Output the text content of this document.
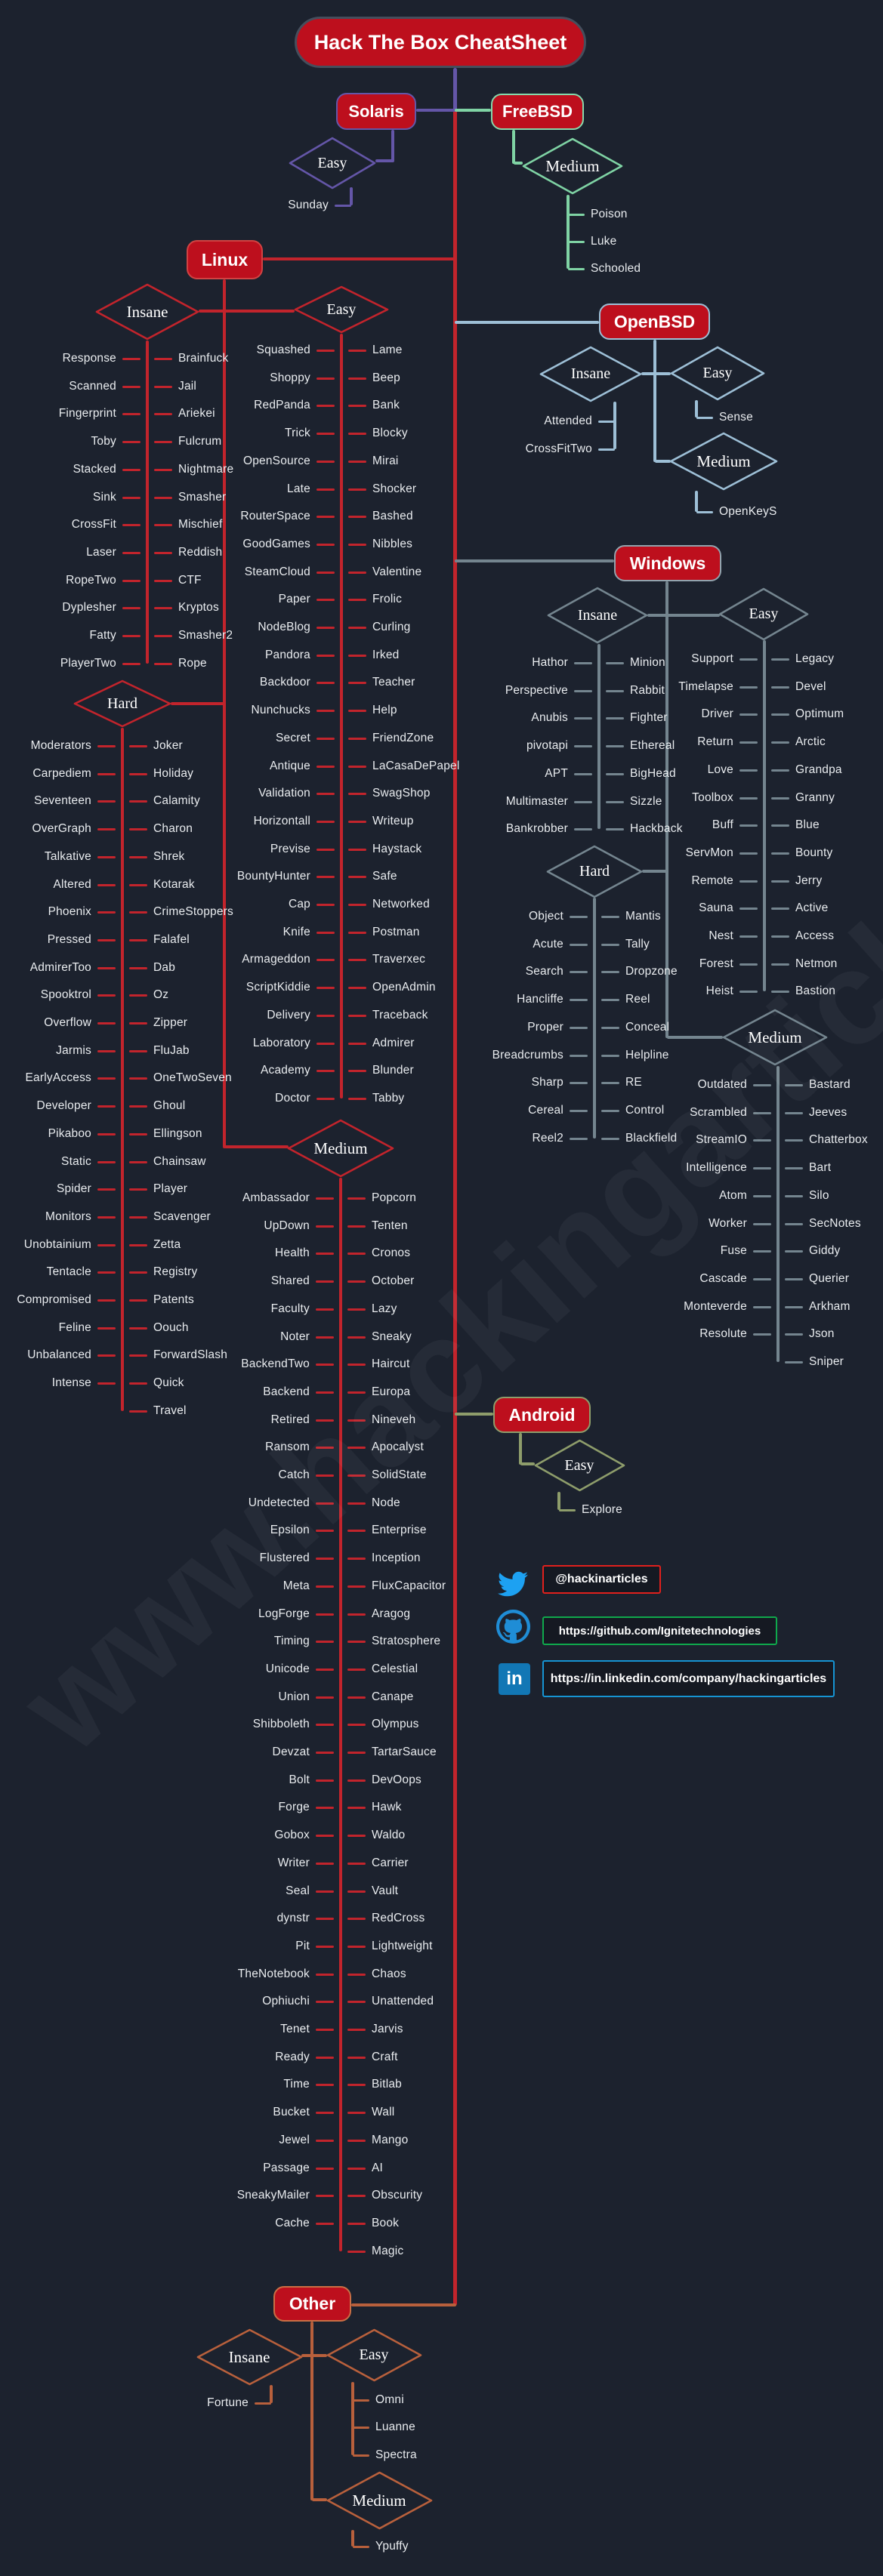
Hack The Box CheatSheet
@hackinarticles
https://github.com/Ignitetechnologies
in	https://in.linkedin.com/company/hackingarticles
Solaris	FreeBSD
Linux
OpenBSD
Windows
Android
Other
Easy	Medium
Insane	Easy
Hard
Medium
Insane	Easy
Medium
Insane	Easy
Hard
Medium
Easy
Insane	Easy
Medium
Response	Brainfuck
Scanned	Jail
Fingerprint	Ariekei
Toby	Fulcrum
Stacked	Nightmare
Sink	Smasher
CrossFit	Mischief
Laser	Reddish
RopeTwo	CTF
Dyplesher	Kryptos
Fatty	Smasher2
PlayerTwo	Rope
Squashed	Lame
Shoppy	Beep
RedPanda	Bank
Trick	Blocky
OpenSource	Mirai
Late	Shocker
RouterSpace	Bashed
GoodGames	Nibbles
SteamCloud	Valentine
Paper	Frolic
NodeBlog	Curling
Pandora	Irked
Backdoor	Teacher
Nunchucks	Help
Secret	FriendZone
Antique	LaCasaDePapel
Validation	SwagShop
Horizontall	Writeup
Previse	Haystack
BountyHunter	Safe
Cap	Networked
Knife	Postman
Armageddon	Traverxec
ScriptKiddie	OpenAdmin
Delivery	Traceback
Laboratory	Admirer
Academy	Blunder
Doctor	Tabby
Moderators	Joker
Carpediem	Holiday
Seventeen	Calamity
OverGraph	Charon
Talkative	Shrek
Altered	Kotarak
Phoenix	CrimeStoppers
Pressed	Falafel
AdmirerToo	Dab
Spooktrol	Oz
Overflow	Zipper
Jarmis	FluJab
EarlyAccess	OneTwoSeven
Developer	Ghoul
Pikaboo	Ellingson
Static	Chainsaw
Spider	Player
Monitors	Scavenger
Unobtainium	Zetta
Tentacle	Registry
Compromised	Patents
Feline	Oouch
Unbalanced	ForwardSlash
Intense	Quick
Travel
Ambassador	Popcorn
UpDown	Tenten
Health	Cronos
Shared	October
Faculty	Lazy
Noter	Sneaky
BackendTwo	Haircut
Backend	Europa
Retired	Nineveh
Ransom	Apocalyst
Catch	SolidState
Undetected	Node
Epsilon	Enterprise
Flustered	Inception
Meta	FluxCapacitor
LogForge	Aragog
Timing	Stratosphere
Unicode	Celestial
Union	Canape
Shibboleth	Olympus
Devzat	TartarSauce
Bolt	DevOops
Forge	Hawk
Gobox	Waldo
Writer	Carrier
Seal	Vault
dynstr	RedCross
Pit	Lightweight
TheNotebook	Chaos
Ophiuchi	Unattended
Tenet	Jarvis
Ready	Craft
Time	Bitlab
Bucket	Wall
Jewel	Mango
Passage	AI
SneakyMailer	Obscurity
Cache	Book
Magic
Hathor	Minion
Perspective	Rabbit
Anubis	Fighter
pivotapi	Ethereal
APT	BigHead
Multimaster	Sizzle
Bankrobber	Hackback
Support	Legacy
Timelapse	Devel
Driver	Optimum
Return	Arctic
Love	Grandpa
Toolbox	Granny
Buff	Blue
ServMon	Bounty
Remote	Jerry
Sauna	Active
Nest	Access
Forest	Netmon
Heist	Bastion
Object	Mantis
Acute	Tally
Search	Dropzone
Hancliffe	Reel
Proper	Conceal
Breadcrumbs	Helpline
Sharp	RE
Cereal	Control
Reel2	Blackfield
Outdated	Bastard
Scrambled	Jeeves
StreamIO	Chatterbox
Intelligence	Bart
Atom	Silo
Worker	SecNotes
Fuse	Giddy
Cascade	Querier
Monteverde	Arkham
Resolute	Json
Sniper
Sunday
Poison
Luke
Schooled
Attended
CrossFitTwo
Sense
OpenKeyS
Explore
Fortune	Omni
Luanne
Spectra
Ypuffy
